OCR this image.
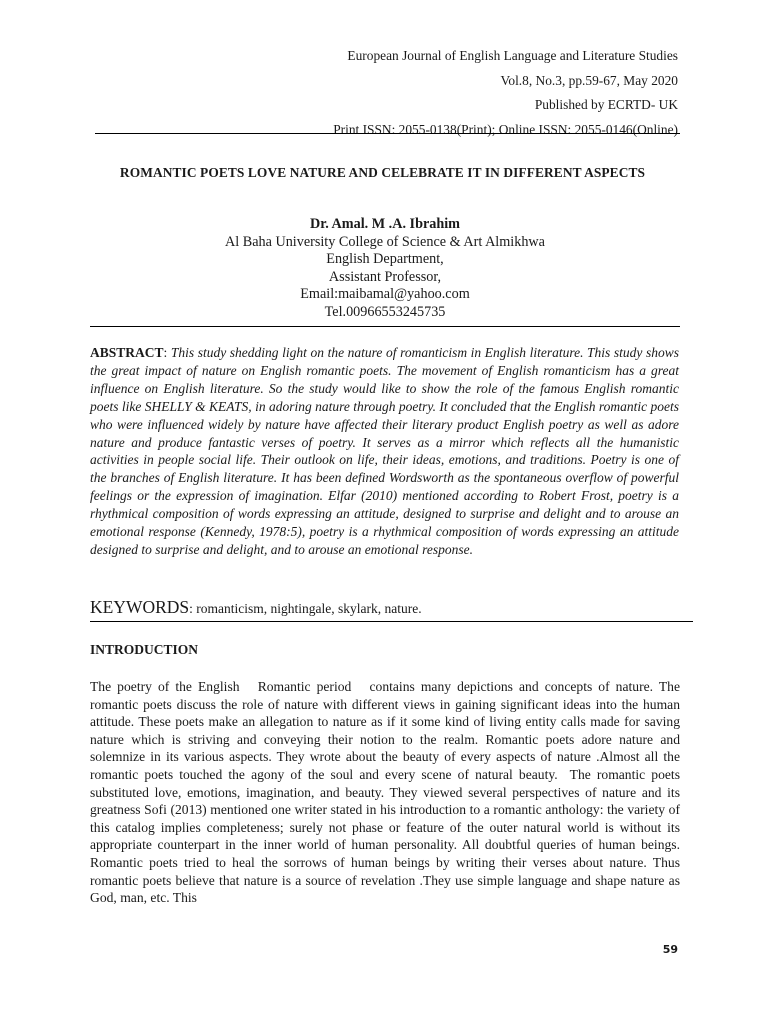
European Journal of English Language and Literature Studies
Vol.8, No.3, pp.59-67, May 2020
Published by ECRTD- UK
Print ISSN: 2055-0138(Print); Online ISSN: 2055-0146(Online)
ROMANTIC POETS LOVE NATURE AND CELEBRATE IT IN DIFFERENT ASPECTS
Dr. Amal. M .A. Ibrahim
Al Baha University College of Science & Art Almikhwa
English Department,
Assistant Professor,
Email:maibamal@yahoo.com
Tel.00966553245735
ABSTRACT: This study shedding light on the nature of romanticism in English literature. This study shows the great impact of nature on English romantic poets. The movement of English romanticism has a great influence on English literature. So the study would like to show the role of the famous English romantic poets like SHELLY & KEATS, in adoring nature through poetry. It concluded that the English romantic poets who were influenced widely by nature have affected their literary product English poetry as well as adore nature and produce fantastic verses of poetry. It serves as a mirror which reflects all the humanistic activities in people social life. Their outlook on life, their ideas, emotions, and traditions. Poetry is one of the branches of English literature. It has been defined Wordsworth as the spontaneous overflow of powerful feelings or the expression of imagination. Elfar (2010) mentioned according to Robert Frost, poetry is a rhythmical composition of words expressing an attitude, designed to surprise and delight and to arouse an emotional response (Kennedy, 1978:5), poetry is a rhythmical composition of words expressing an attitude designed to surprise and delight, and to arouse an emotional response.
KEYWORDS: romanticism, nightingale, skylark, nature.
INTRODUCTION
The poetry of the English   Romantic period   contains many depictions and concepts of nature. The romantic poets discuss the role of nature with different views in gaining significant ideas into the human attitude. These poets make an allegation to nature as if it some kind of living entity calls made for saving nature which is striving and conveying their notion to the realm. Romantic poets adore nature and solemnize in its various aspects. They wrote about the beauty of every aspects of nature .Almost all the romantic poets touched the agony of the soul and every scene of natural beauty.  The romantic poets substituted love, emotions, imagination, and beauty. They viewed several perspectives of nature and its greatness Sofi (2013) mentioned one writer stated in his introduction to a romantic anthology: the variety of this catalog implies completeness; surely not phase or feature of the outer natural world is without its appropriate counterpart in the inner world of human personality. All doubtful queries of human beings. Romantic poets tried to heal the sorrows of human beings by writing their verses about nature. Thus romantic poets believe that nature is a source of revelation .They use simple language and shape nature as God, man, etc. This
59
